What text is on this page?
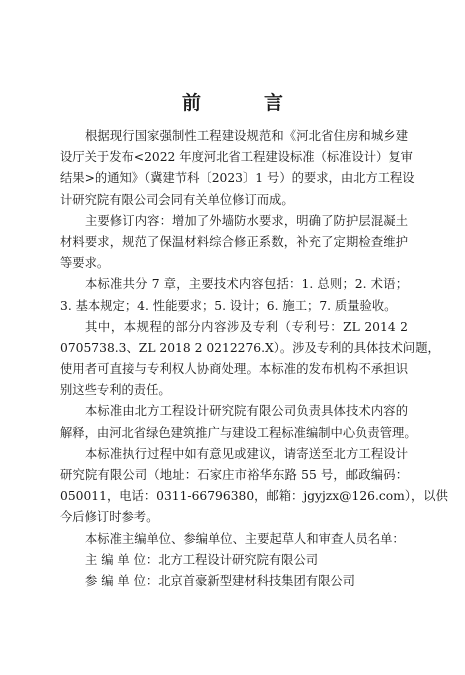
前　言
根据现行国家强制性工程建设规范和《河北省住房和城乡建
设厅关于发布<2022 年度河北省工程建设标准（标准设计）复审
结果>的通知》（冀建节科〔2023〕1 号）的要求，由北方工程设
计研究院有限公司会同有关单位修订而成。
主要修订内容：增加了外墙防水要求，明确了防护层混凝土
材料要求，规范了保温材料综合修正系数，补充了定期检查维护
等要求。
本标准共分 7 章，主要技术内容包括：1. 总则；2. 术语；
3. 基本规定；4. 性能要求；5. 设计；6. 施工；7. 质量验收。
其中，本规程的部分内容涉及专利（专利号：ZL 2014 2
0705738.3、ZL 2018 2 0212276.X）。涉及专利的具体技术问题，
使用者可直接与专利权人协商处理。本标准的发布机构不承担识
别这些专利的责任。
本标准由北方工程设计研究院有限公司负责具体技术内容的
解释，由河北省绿色建筑推广与建设工程标准编制中心负责管理。
本标准执行过程中如有意见或建议，请寄送至北方工程设计
研究院有限公司（地址：石家庄市裕华东路 55 号，邮政编码：
050011，电话：0311-66796380，邮箱：jgyjzx@126.com），以供
今后修订时参考。
本标准主编单位、参编单位、主要起草人和审查人员名单：
主 编 单 位：北方工程设计研究院有限公司
参 编 单 位：北京首豪新型建材科技集团有限公司
